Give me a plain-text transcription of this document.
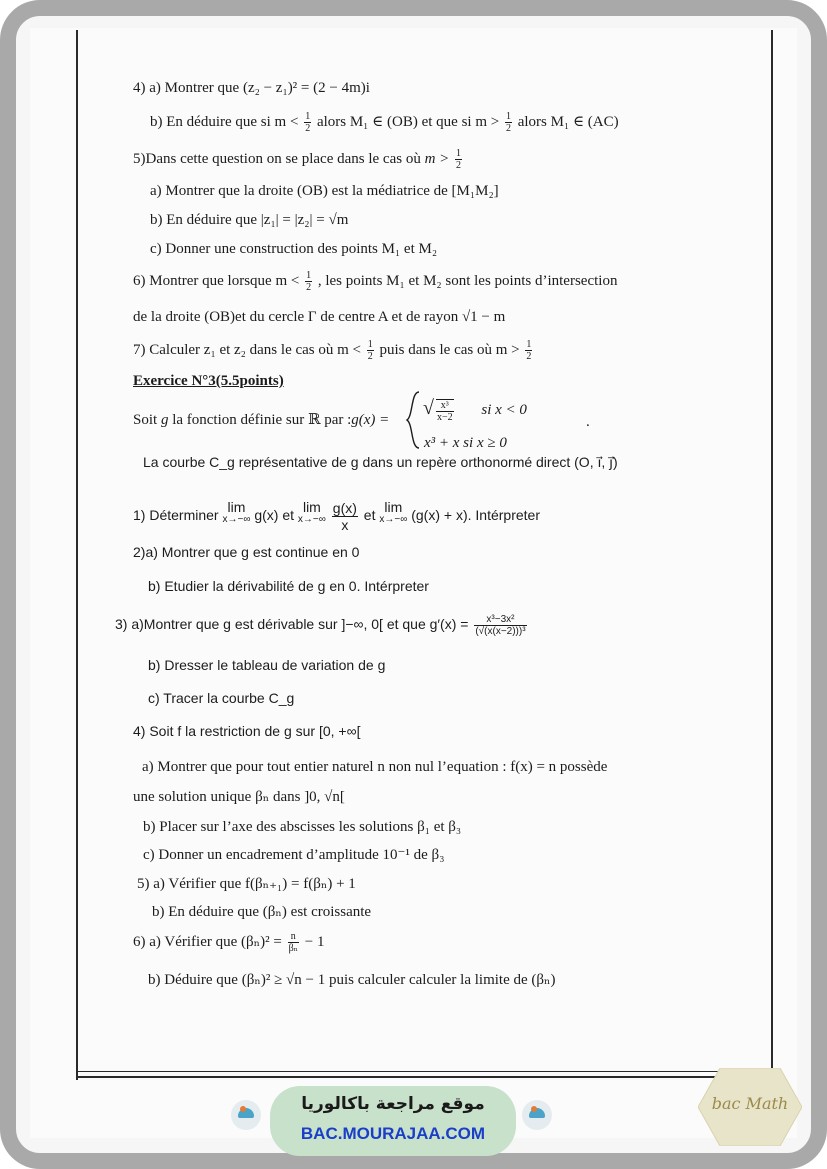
4) a) Montrer que (z₂ − z₁)² = (2 − 4m)i
b) En déduire que si $m < \frac{1}{2}$ alors M₁ ∈ (OB) et que si $m > \frac{1}{2}$ alors M₁ ∈ (AC)
5)Dans cette question on se place dans le cas où $m > \frac{1}{2}$
a) Montrer que la droite (OB) est la médiatrice de [M₁M₂]
b) En déduire que |z₁| = |z₂| = √m
c) Donner une construction des points M₁ et M₂
6) Montrer que lorsque $m < \frac{1}{2}$ , les points M₁ et M₂ sont les points d’intersection
de la droite (OB)et du cercle Γ de centre A et de rayon √1 − m
7) Calculer z₁ et z₂ dans le cas où $m < \frac{1}{2}$ puis dans le cas où $m > \frac{1}{2}$
Exercice N°3(5.5points)
Soit g la fonction définie sur ℝ par :g(x) =
√ $\frac{\text{x³}}{x-2}$ si x < 0
x³ + x si x ≥ 0
.
La courbe C_g représentative de g dans un repère orthonormé direct (O, i⃗, j⃗)
1) Déterminer lim
x→−∞ g(x) et lim
x→−∞
$\frac{g(x)}{x}$ et lim
x→−∞ (g(x) + x). Intérpreter
2)a) Montrer que g est continue en 0
b) Etudier la dérivabilité de g en 0. Intérpreter
3) a)Montrer que g est dérivable sur ]−∞, 0[ et que $g'(x) = \frac{\text{x³−3x²}}{\text{(√(x(x−2)))³}}$
b) Dresser le tableau de variation de g
c) Tracer la courbe C_g
4) Soit f la restriction de g sur [0, +∞[
a) Montrer que pour tout entier naturel n non nul l’equation : f(x) = n possède
une solution unique βₙ dans ]0, √n[
b) Placer sur l’axe des abscisses les solutions β₁ et β₃
c) Donner un encadrement d’amplitude 10⁻¹ de β₃
5) a) Vérifier que f(βₙ₊₁) = f(βₙ) + 1
b) En déduire que (βₙ) est croissante
6) a) Vérifier que $(\beta_n)^2 = \frac{n}{\text{βₙ}} - 1$
b) Déduire que (βₙ)² ≥ √n − 1 puis calculer calculer la limite de (βₙ)
موقع مراجعة باكالوريا
BAC.MOURAJAA.COM
bac Math
